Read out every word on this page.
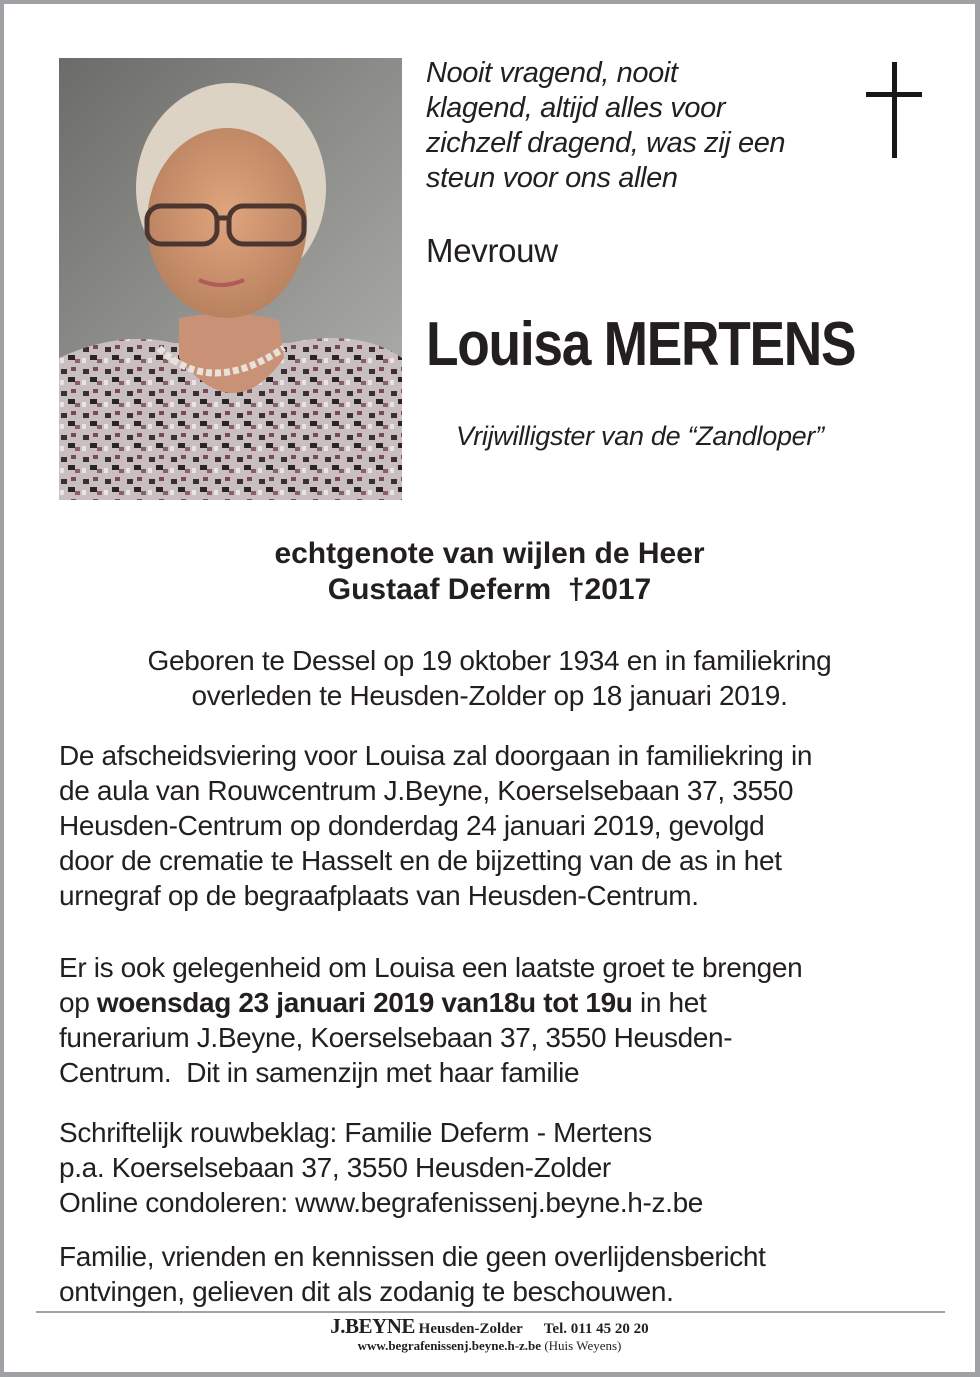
Nooit vragend, nooit
klagend, altijd alles voor
zichzelf dragend, was zij een
steun voor ons allen
Mevrouw
Louisa MERTENS
Vrijwilligster van de “Zandloper”
echtgenote van wijlen de Heer
Gustaaf Deferm  †2017
Geboren te Dessel op 19 oktober 1934 en in familiekring
overleden te Heusden-Zolder op 18 januari 2019.
De afscheidsviering voor Louisa zal doorgaan in familiekring in
de aula van Rouwcentrum J.Beyne, Koerselsebaan 37, 3550
Heusden-Centrum op donderdag 24 januari 2019, gevolgd
door de crematie te Hasselt en de bijzetting van de as in het
urnegraf op de begraafplaats van Heusden-Centrum.
Er is ook gelegenheid om Louisa een laatste groet te brengen
op woensdag 23 januari 2019 van18u tot 19u in het
funerarium J.Beyne, Koerselsebaan 37, 3550 Heusden-
Centrum.  Dit in samenzijn met haar familie
Schriftelijk rouwbeklag: Familie Deferm - Mertens
p.a. Koerselsebaan 37, 3550 Heusden-Zolder
Online condoleren: www.begrafenissenj.beyne.h-z.be
Familie, vrienden en kennissen die geen overlijdensbericht
ontvingen, gelieven dit als zodanig te beschouwen.
J.BEYNE Heusden-Zolder Tel. 011 45 20 20
www.begrafenissenj.beyne.h-z.be (Huis Weyens)
